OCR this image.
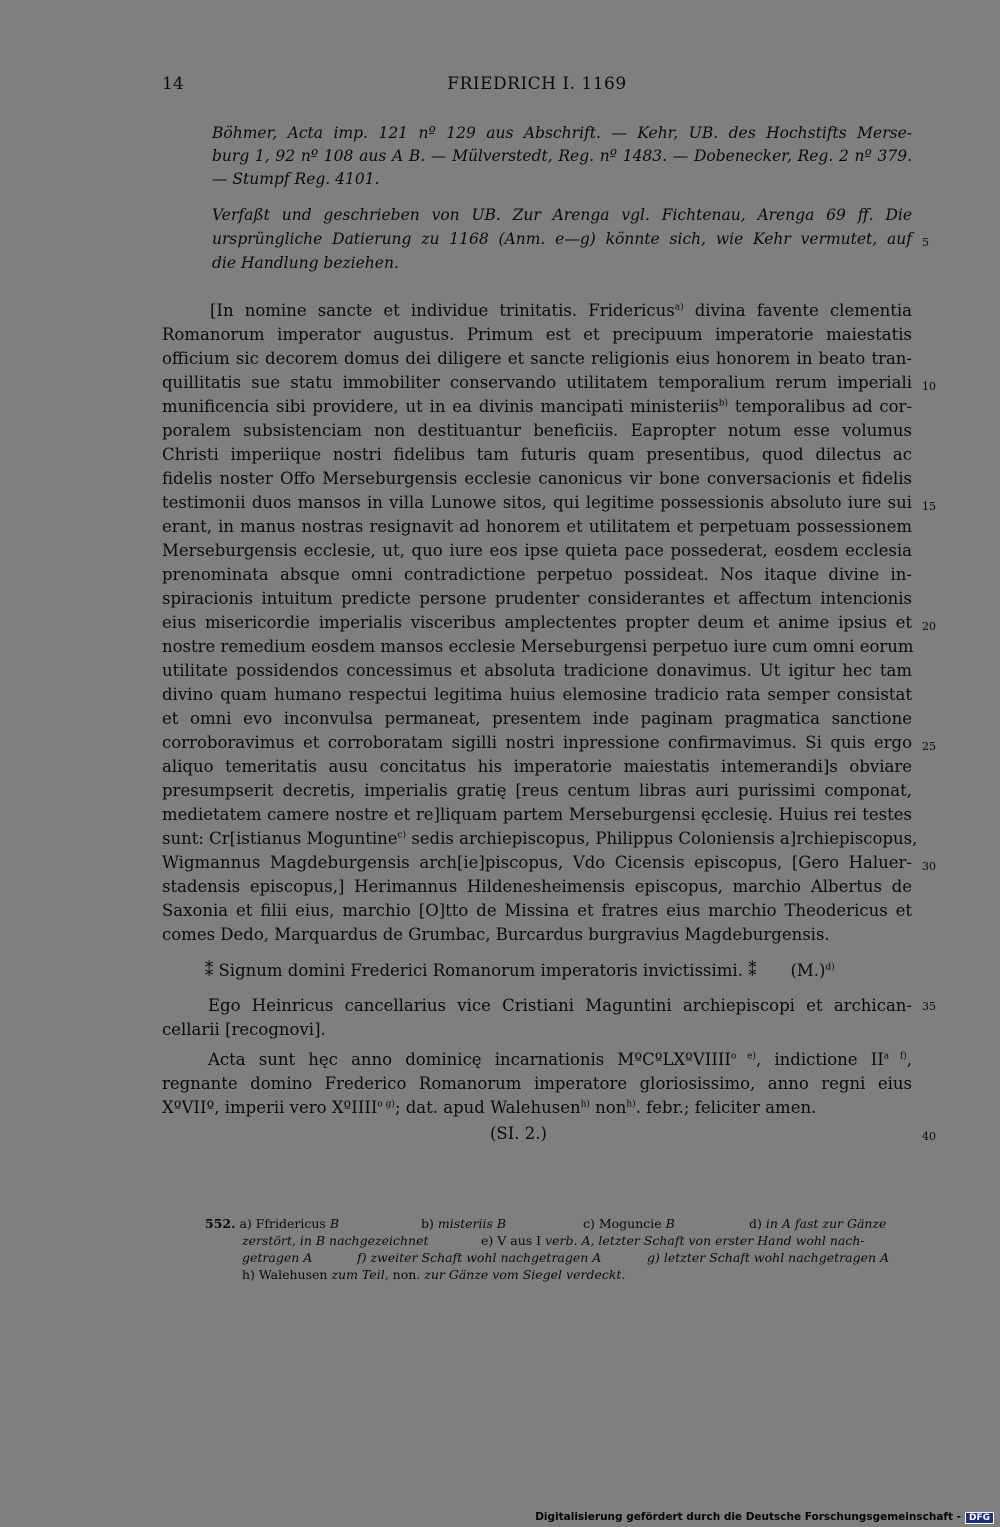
14	FRIEDRICH I. 1169
Böhmer, Acta imp. 121 nº 129 aus Abschrift. — Kehr, UB. des Hochstifts Merse-
burg 1, 92 nº 108 aus A B. — Mülverstedt, Reg. nº 1483. — Dobenecker, Reg. 2 nº 379.
— Stumpf Reg. 4101.
Verfaßt und geschrieben von UB. Zur Arenga vgl. Fichtenau, Arenga 69 ff. Die
ursprüngliche Datierung zu 1168 (Anm. e—g) könnte sich, wie Kehr vermutet, auf
die Handlung beziehen.
[In nomine sancte et individue trinitatis. Fridericus$^{a)}$ divina favente clementia
Romanorum imperator augustus. Primum est et precipuum imperatorie maiestatis
officium sic decorem domus dei diligere et sancte religionis eius honorem in beato tran-
quillitatis sue statu immobiliter conservando utilitatem temporalium rerum imperiali
munificencia sibi providere, ut in ea divinis mancipati ministeriis$^{b)}$ temporalibus ad cor-
poralem subsistenciam non destituantur beneficiis. Eapropter notum esse volumus
Christi imperiique nostri fidelibus tam futuris quam presentibus, quod dilectus ac
fidelis noster Offo Merseburgensis ecclesie canonicus vir bone conversacionis et fidelis
testimonii duos mansos in villa Lunowe sitos, qui legitime possessionis absoluto iure sui
erant, in manus nostras resignavit ad honorem et utilitatem et perpetuam possessionem
Merseburgensis ecclesie, ut, quo iure eos ipse quieta pace possederat, eosdem ecclesia
prenominata absque omni contradictione perpetuo possideat. Nos itaque divine in-
spiracionis intuitum predicte persone prudenter considerantes et affectum intencionis
eius misericordie imperialis visceribus amplectentes propter deum et anime ipsius et
nostre remedium eosdem mansos ecclesie Merseburgensi perpetuo iure cum omni eorum
utilitate possidendos concessimus et absoluta tradicione donavimus. Ut igitur hec tam
divino quam humano respectui legitima huius elemosine tradicio rata semper consistat
et omni evo inconvulsa permaneat, presentem inde paginam pragmatica sanctione
corroboravimus et corroboratam sigilli nostri inpressione confirmavimus. Si quis ergo
aliquo temeritatis ausu concitatus his imperatorie maiestatis intemerandi]s obviare
presumpserit decretis, imperialis gratię [reus centum libras auri purissimi componat,
medietatem camere nostre et re]liquam partem Merseburgensi ęcclesię. Huius rei testes
sunt: Cr[istianus Moguntine$^{c)}$ sedis archiepiscopus, Philippus Coloniensis a]rchiepiscopus,
Wigmannus Magdeburgensis arch[ie]piscopus, Vdo Cicensis episcopus, [Gero Haluer-
stadensis episcopus,] Herimannus Hildenesheimensis episcopus, marchio Albertus de
Saxonia et filii eius, marchio [O]tto de Missina et fratres eius marchio Theodericus et
comes Dedo, Marquardus de Grumbac, Burcardus burgravius Magdeburgensis.
⁑ Signum domini Frederici Romanorum imperatoris invictissimi. ⁑ $(M.)^{d)}$
Ego Heinricus cancellarius vice Cristiani Maguntini archiepiscopi et archican-
cellarii [recognovi].
Acta sunt hęc anno dominicę incarnationis MºCºLXºVIIII$^{o e)}$, indictione $II^{a f)}$,
regnante domino Frederico Romanorum imperatore gloriosissimo, anno regni eius
XºVIIº, imperii vero XºIIII$^{o g)}$; dat. apud Walehusen$^{h)}$ non$^{h)}$. febr.; feliciter amen.
(SI. 2.)
5
10
15
20
25
30
35
40
552. a) Ffridericus B	b) misteriis B	c) Moguncie B	d) in A fast zur Gänze
zerstört, in B nachgezeichnet	e) V aus I verb. A, letzter Schaft von erster Hand wohl nach-
getragen A	f) zweiter Schaft wohl nachgetragen A	g) letzter Schaft wohl nachgetragen A
h) Walehusen zum Teil, non. zur Gänze vom Siegel verdeckt.
Digitalisierung gefördert durch die Deutsche Forschungsgemeinschaft - DFG
